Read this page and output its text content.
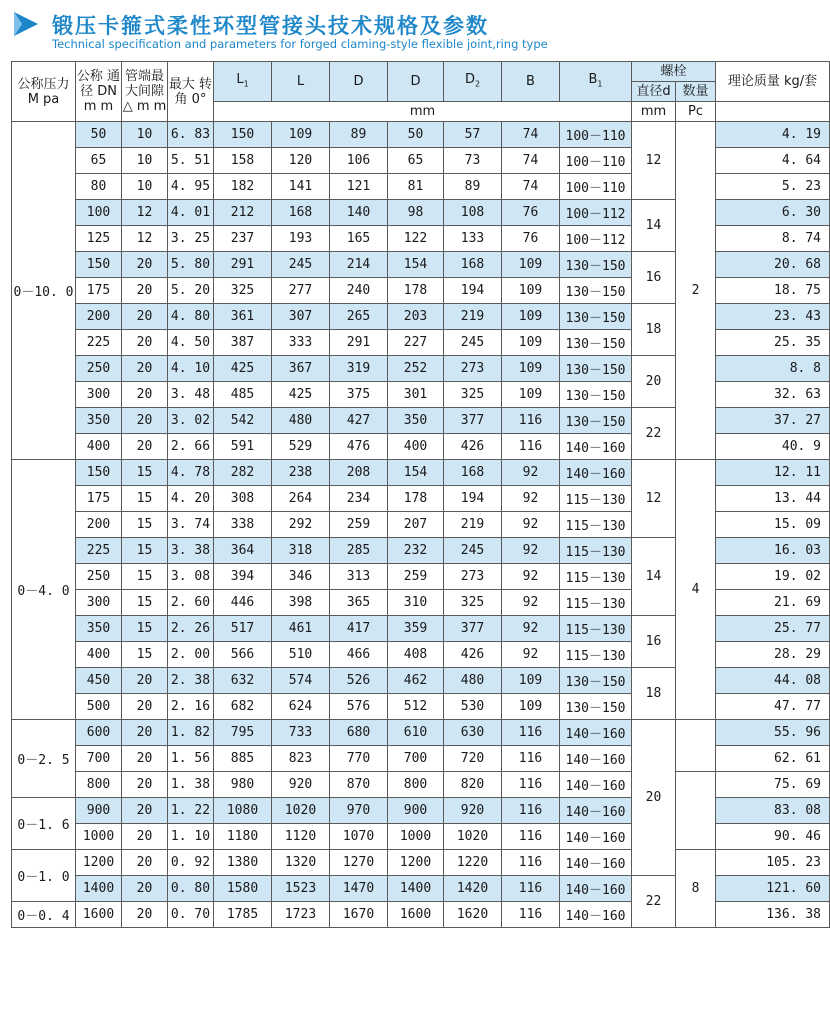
锻压卡箍式柔性环型管接头技术规格及参数
Technical specification and parameters for forged claming-style flexible joint,ring type
公称压力 M pa	公称 通径 DN m m	管端最 大间隙 △ m m	最大 转角 0°	$L_1$	L	D	D	$D_2$	B	$B_1$	螺栓		理论质量 kg/套
											直径d	数量	
				mm							mm	Pc	
0－10. 0	50	10	6. 83	150	109	89	50	57	74	100－110	12	2	4. 19
	65	10	5. 51	158	120	106	65	73	74	100－110			4. 64
	80	10	4. 95	182	141	121	81	89	74	100－110			5. 23
	100	12	4. 01	212	168	140	98	108	76	100－112	14		6. 30
	125	12	3. 25	237	193	165	122	133	76	100－112			8. 74
	150	20	5. 80	291	245	214	154	168	109	130－150	16		20. 68
	175	20	5. 20	325	277	240	178	194	109	130－150			18. 75
	200	20	4. 80	361	307	265	203	219	109	130－150	18		23. 43
	225	20	4. 50	387	333	291	227	245	109	130－150			25. 35
	250	20	4. 10	425	367	319	252	273	109	130－150	20		8. 8
	300	20	3. 48	485	425	375	301	325	109	130－150			32. 63
	350	20	3. 02	542	480	427	350	377	116	130－150	22		37. 27
	400	20	2. 66	591	529	476	400	426	116	140－160			40. 9
0－4. 0	150	15	4. 78	282	238	208	154	168	92	140－160	12	4	12. 11
	175	15	4. 20	308	264	234	178	194	92	115－130			13. 44
	200	15	3. 74	338	292	259	207	219	92	115－130			15. 09
	225	15	3. 38	364	318	285	232	245	92	115－130	14		16. 03
	250	15	3. 08	394	346	313	259	273	92	115－130			19. 02
	300	15	2. 60	446	398	365	310	325	92	115－130			21. 69
	350	15	2. 26	517	461	417	359	377	92	115－130	16		25. 77
	400	15	2. 00	566	510	466	408	426	92	115－130			28. 29
	450	20	2. 38	632	574	526	462	480	109	130－150	18		44. 08
	500	20	2. 16	682	624	576	512	530	109	130－150			47. 77
0－2. 5	600	20	1. 82	795	733	680	610	630	116	140－160	20		55. 96
	700	20	1. 56	885	823	770	700	720	116	140－160			62. 61
	800	20	1. 38	980	920	870	800	820	116	140－160			75. 69
0－1. 6	900	20	1. 22	1080	1020	970	900	920	116	140－160			83. 08
	1000	20	1. 10	1180	1120	1070	1000	1020	116	140－160			90. 46
0－1. 0	1200	20	0. 92	1380	1320	1270	1200	1220	116	140－160		8	105. 23
	1400	20	0. 80	1580	1523	1470	1400	1420	116	140－160	22		121. 60
0－0. 4	1600	20	0. 70	1785	1723	1670	1600	1620	116	140－160			136. 38
